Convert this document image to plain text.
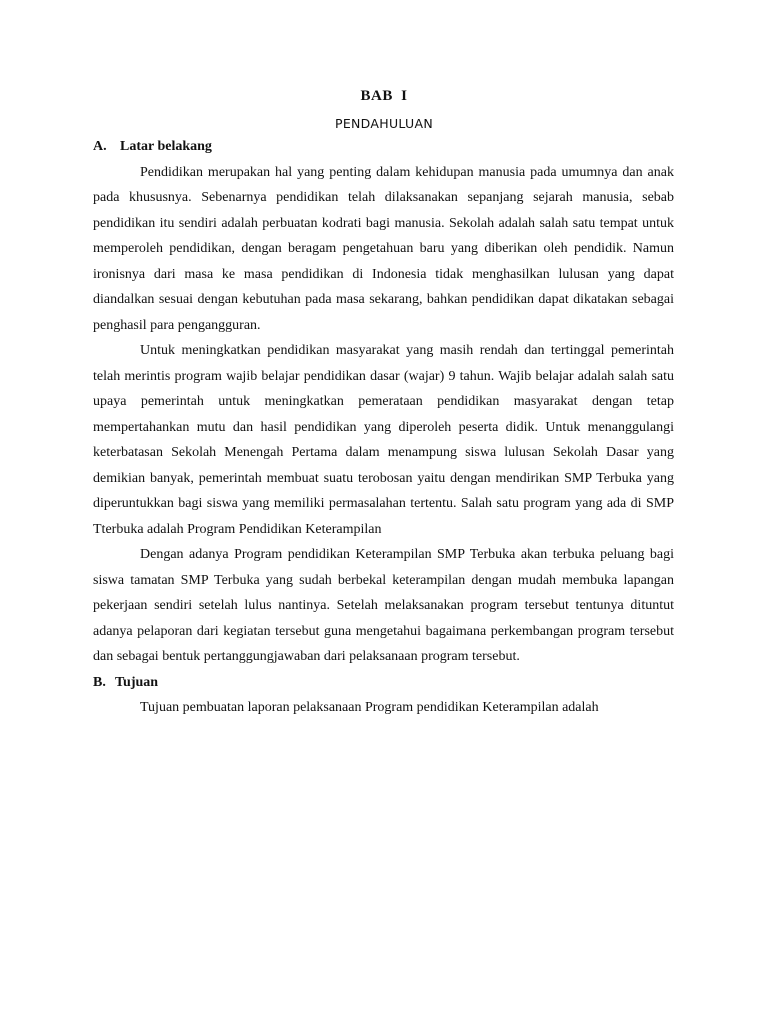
BAB I
PENDAHULUAN
A. Latar belakang

Pendidikan merupakan hal yang penting dalam kehidupan manusia pada umumnya dan anak pada khususnya. Sebenarnya pendidikan telah dilaksanakan sepanjang sejarah manusia, sebab pendidikan itu sendiri adalah perbuatan kodrati bagi manusia. Sekolah adalah salah satu tempat untuk memperoleh pendidikan, dengan beragam pengetahuan baru yang diberikan oleh pendidik. Namun ironisnya dari masa ke masa pendidikan di Indonesia tidak menghasilkan lulusan yang dapat diandalkan sesuai dengan kebutuhan pada masa sekarang, bahkan pendidikan dapat dikatakan sebagai penghasil para pengangguran.

Untuk meningkatkan pendidikan masyarakat yang masih rendah dan tertinggal pemerintah telah merintis program wajib belajar pendidikan dasar (wajar) 9 tahun. Wajib belajar adalah salah satu upaya pemerintah untuk meningkatkan pemerataan pendidikan masyarakat dengan tetap mempertahankan mutu dan hasil pendidikan yang diperoleh peserta didik. Untuk menanggulangi keterbatasan Sekolah Menengah Pertama dalam menampung siswa lulusan Sekolah Dasar yang demikian banyak, pemerintah membuat suatu terobosan yaitu dengan mendirikan SMP Terbuka yang diperuntukkan bagi siswa yang memiliki permasalahan tertentu. Salah satu program yang ada di SMP Tterbuka adalah Program Pendidikan Keterampilan

Dengan adanya Program pendidikan Keterampilan SMP Terbuka akan terbuka peluang bagi siswa tamatan SMP Terbuka yang sudah berbekal keterampilan dengan mudah membuka lapangan pekerjaan sendiri setelah lulus nantinya. Setelah melaksanakan program tersebut tentunya dituntut adanya pelaporan dari kegiatan tersebut guna mengetahui bagaimana perkembangan program tersebut dan sebagai bentuk pertanggungjawaban dari pelaksanaan program tersebut.

B. Tujuan

Tujuan pembuatan laporan pelaksanaan Program pendidikan Keterampilan adalah
